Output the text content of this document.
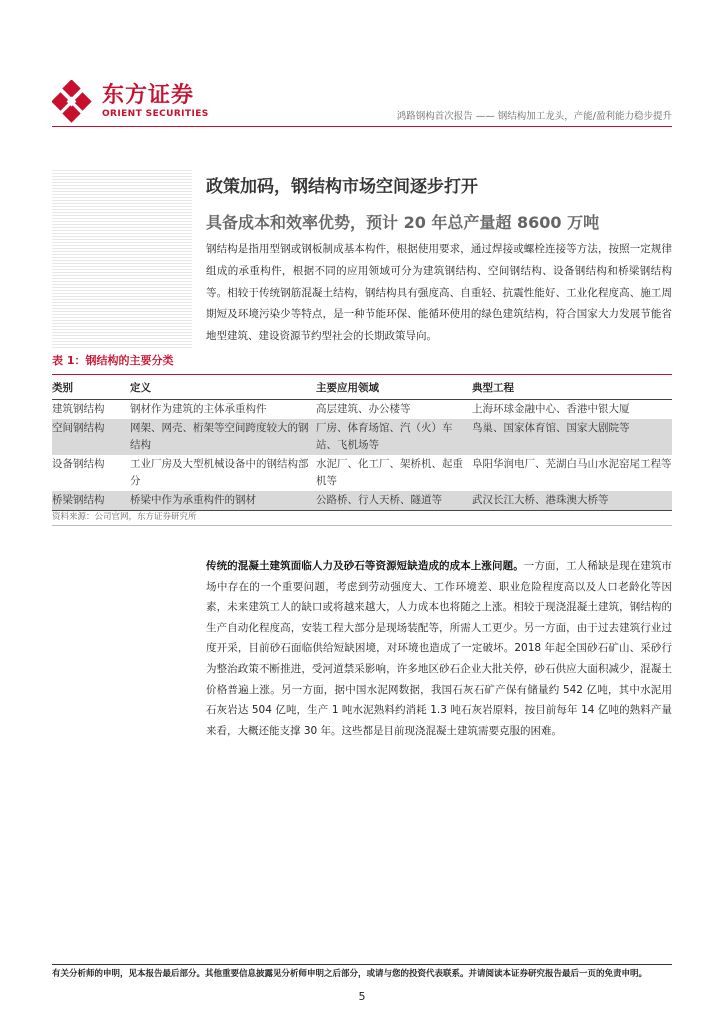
东方证券
ORIENT SECURITIES	鸿路钢构首次报告 —— 钢结构加工龙头，产能/盈利能力稳步提升
政策加码，钢结构市场空间逐步打开
具备成本和效率优势，预计 20 年总产量超 8600 万吨

钢结构是指用型钢或钢板制成基本构件，根据使用要求，通过焊接或螺栓连接等方法，按照一定规律组成的承重构件，根据不同的应用领域可分为建筑钢结构、空间钢结构、设备钢结构和桥梁钢结构等。相较于传统钢筋混凝土结构，钢结构具有强度高、自重轻、抗震性能好、工业化程度高、施工周期短及环境污染少等特点，是一种节能环保、能循环使用的绿色建筑结构，符合国家大力发展节能省地型建筑、建设资源节约型社会的长期政策导向。

表 1：钢结构的主要分类
类别	定义	主要应用领域	典型工程
建筑钢结构	钢材作为建筑的主体承重构件	高层建筑、办公楼等	上海环球金融中心、香港中银大厦
空间钢结构	网架、网壳、桁架等空间跨度较大的钢结构	厂房、体育场馆、汽（火）车站、飞机场等	鸟巢、国家体育馆、国家大剧院等
设备钢结构	工业厂房及大型机械设备中的钢结构部分	水泥厂、化工厂、架桥机、起重机等	阜阳华润电厂、芜湖白马山水泥窑尾工程等
桥梁钢结构	桥梁中作为承重构件的钢材	公路桥、行人天桥、隧道等	武汉长江大桥、港珠澳大桥等
资料来源：公司官网，东方证券研究所

传统的混凝土建筑面临人力及砂石等资源短缺造成的成本上涨问题。一方面，工人稀缺是现在建筑市场中存在的一个重要问题，考虑到劳动强度大、工作环境差、职业危险程度高以及人口老龄化等因素，未来建筑工人的缺口或将越来越大，人力成本也将随之上涨。相较于现浇混凝土建筑，钢结构的生产自动化程度高，安装工程大部分是现场装配等，所需人工更少。另一方面，由于过去建筑行业过度开采，目前砂石面临供给短缺困境，对环境也造成了一定破坏。2018 年起全国砂石矿山、采砂行为整治政策不断推进，受河道禁采影响，许多地区砂石企业大批关停，砂石供应大面积减少，混凝土价格普遍上涨。另一方面，据中国水泥网数据，我国石灰石矿产保有储量约 542 亿吨，其中水泥用石灰岩达 504 亿吨，生产 1 吨水泥熟料约消耗 1.3 吨石灰岩原料，按目前每年 14 亿吨的熟料产量来看，大概还能支撑 30 年。这些都是目前现浇混凝土建筑需要克服的困难。

有关分析师的申明，见本报告最后部分。其他重要信息披露见分析师申明之后部分，或请与您的投资代表联系。并请阅读本证券研究报告最后一页的免责申明。
5
